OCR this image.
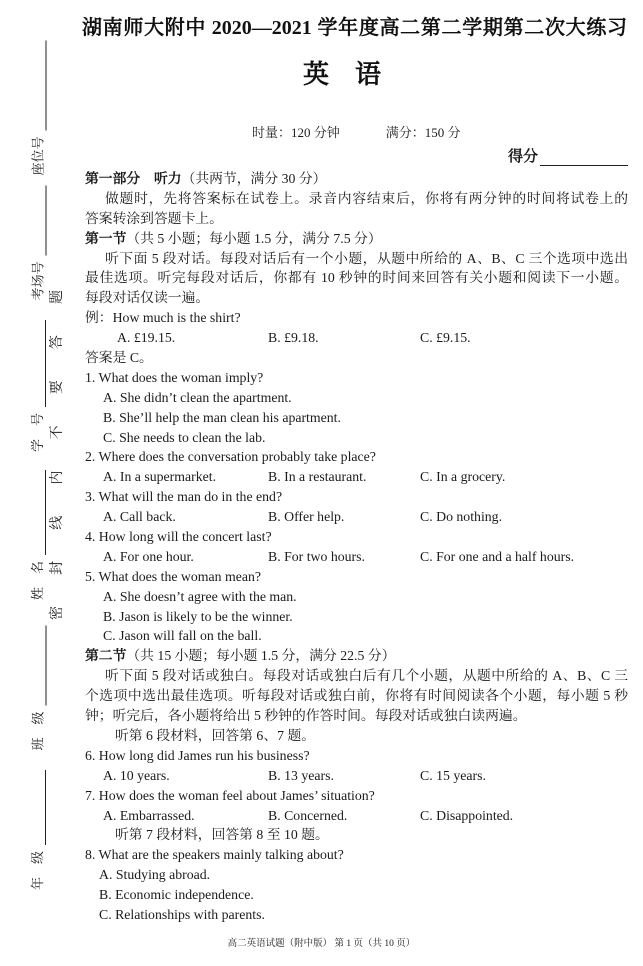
湖南师大附中 2020—2021 学年度高二第二学期第二次大练习
英　语
时量：120 分钟	满分：150 分
得分
座位号
考场号
学　号
姓　名
班　级
年　级
密封线内不要答题
第一部分　听力（共两节，满分 30 分）
做题时，先将答案标在试卷上。录音内容结束后，你将有两分钟的时间将试卷上的
答案转涂到答题卡上。
第一节（共 5 小题；每小题 1.5 分，满分 7.5 分）
听下面 5 段对话。每段对话后有一个小题，从题中所给的 A、B、C 三个选项中选出
最佳选项。听完每段对话后，你都有 10 秒钟的时间来回答有关小题和阅读下一小题。
每段对话仅读一遍。
例：How much is the shirt?
A. £19.15.	B. £9.18.	C. £9.15.
答案是 C。
1. What does the woman imply?
A. She didn’t clean the apartment.
B. She’ll help the man clean his apartment.
C. She needs to clean the lab.
2. Where does the conversation probably take place?
A. In a supermarket.	B. In a restaurant.	C. In a grocery.
3. What will the man do in the end?
A. Call back.	B. Offer help.	C. Do nothing.
4. How long will the concert last?
A. For one hour.	B. For two hours.	C. For one and a half hours.
5. What does the woman mean?
A. She doesn’t agree with the man.
B. Jason is likely to be the winner.
C. Jason will fall on the ball.
第二节（共 15 小题；每小题 1.5 分，满分 22.5 分）
听下面 5 段对话或独白。每段对话或独白后有几个小题，从题中所给的 A、B、C 三
个选项中选出最佳选项。听每段对话或独白前，你将有时间阅读各个小题，每小题 5 秒
钟；听完后，各小题将给出 5 秒钟的作答时间。每段对话或独白读两遍。
听第 6 段材料，回答第 6、7 题。
6. How long did James run his business?
A. 10 years.	B. 13 years.	C. 15 years.
7. How does the woman feel about James’ situation?
A. Embarrassed.	B. Concerned.	C. Disappointed.
听第 7 段材料，回答第 8 至 10 题。
8. What are the speakers mainly talking about?
A. Studying abroad.
B. Economic independence.
C. Relationships with parents.
高二英语试题（附中版） 第 1 页（共 10 页）
